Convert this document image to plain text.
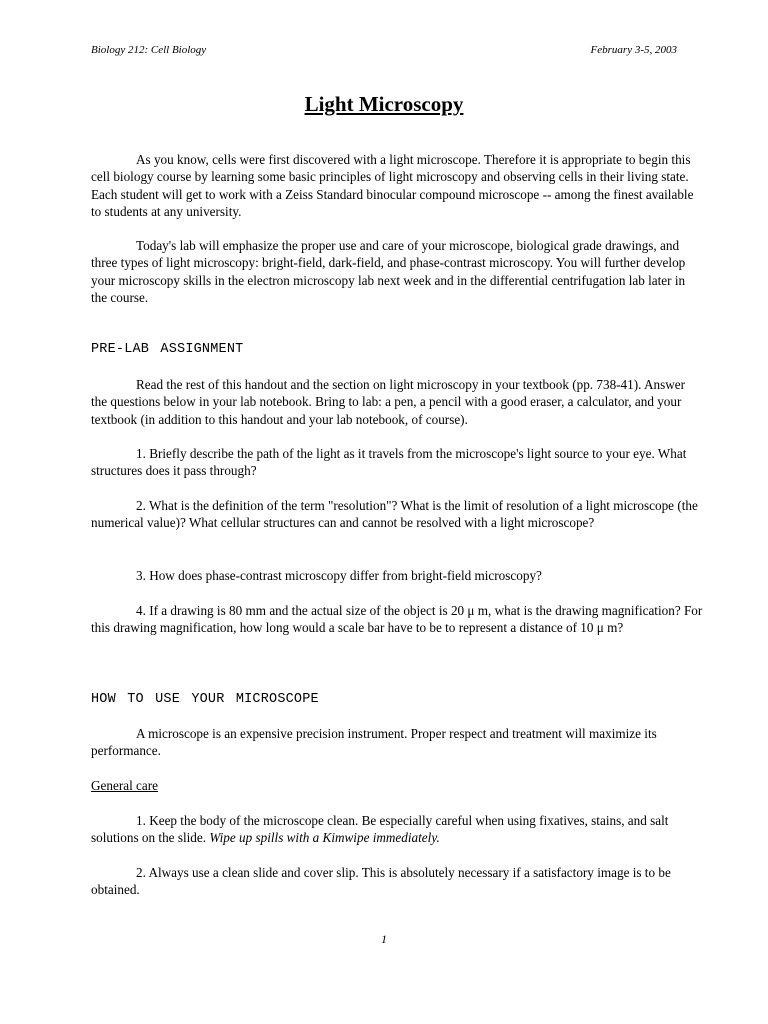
Biology 212: Cell Biology	February 3-5, 2003
Light Microscopy

As you know, cells were first discovered with a light microscope. Therefore it is appropriate to begin this cell biology course by learning some basic principles of light microscopy and observing cells in their living state. Each student will get to work with a Zeiss Standard binocular compound microscope -- among the finest available to students at any university.

Today's lab will emphasize the proper use and care of your microscope, biological grade drawings, and three types of light microscopy: bright-field, dark-field, and phase-contrast microscopy. You will further develop your microscopy skills in the electron microscopy lab next week and in the differential centrifugation lab later in the course.

PRE-LAB ASSIGNMENT

Read the rest of this handout and the section on light microscopy in your textbook (pp. 738-41). Answer the questions below in your lab notebook. Bring to lab: a pen, a pencil with a good eraser, a calculator, and your textbook (in addition to this handout and your lab notebook, of course).

1. Briefly describe the path of the light as it travels from the microscope's light source to your eye. What structures does it pass through?

2. What is the definition of the term "resolution"? What is the limit of resolution of a light microscope (the numerical value)? What cellular structures can and cannot be resolved with a light microscope?

3. How does phase-contrast microscopy differ from bright-field microscopy?

4. If a drawing is 80 mm and the actual size of the object is 20 μ m, what is the drawing magnification? For this drawing magnification, how long would a scale bar have to be to represent a distance of 10 μ m?

HOW TO USE YOUR MICROSCOPE

A microscope is an expensive precision instrument. Proper respect and treatment will maximize its performance.

General care

1. Keep the body of the microscope clean. Be especially careful when using fixatives, stains, and salt solutions on the slide. Wipe up spills with a Kimwipe immediately.

2. Always use a clean slide and cover slip. This is absolutely necessary if a satisfactory image is to be obtained.

1
